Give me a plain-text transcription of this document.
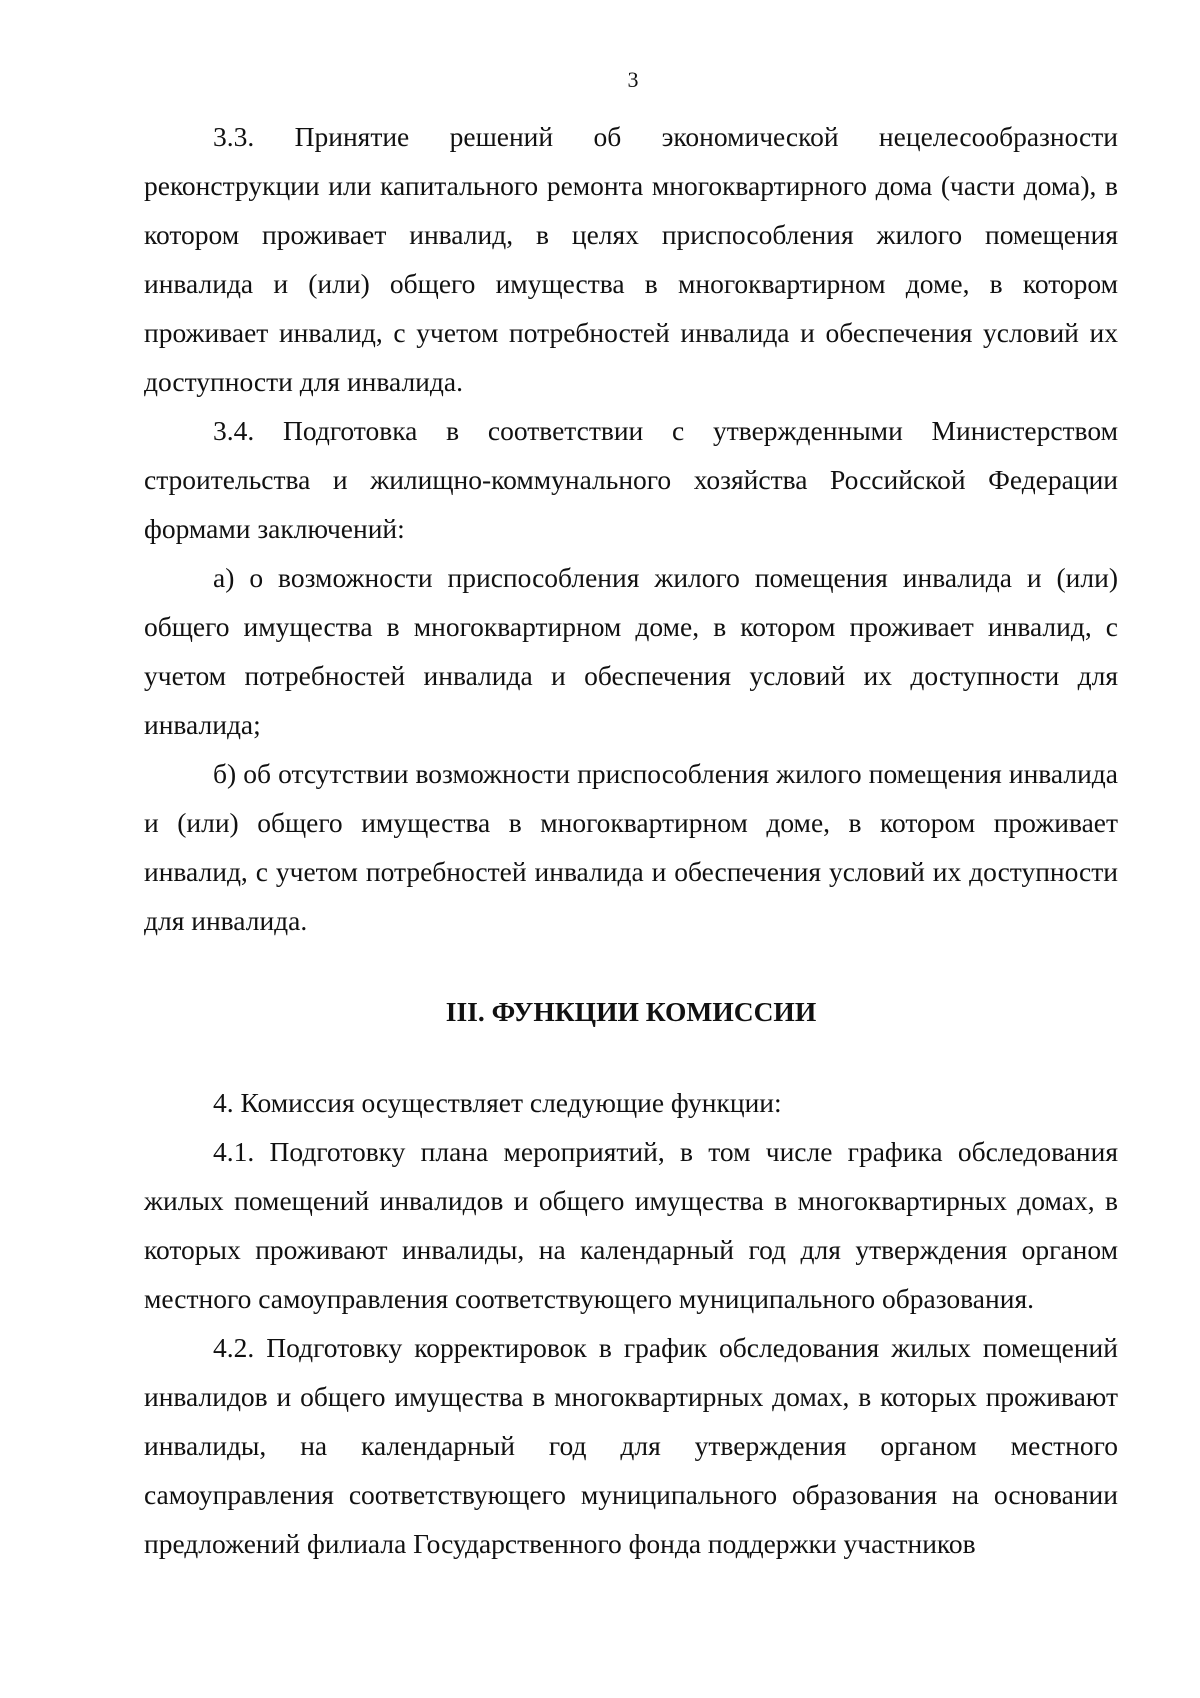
3

3.3. Принятие решений об экономической нецелесообразности реконструкции или капитального ремонта многоквартирного дома (части дома), в котором проживает инвалид, в целях приспособления жилого помещения инвалида и (или) общего имущества в многоквартирном доме, в котором проживает инвалид, с учетом потребностей инвалида и обеспечения условий их доступности для инвалида.

3.4. Подготовка в соответствии с утвержденными Министерством строительства и жилищно-коммунального хозяйства Российской Федерации формами заключений:

а) о возможности приспособления жилого помещения инвалида и (или) общего имущества в многоквартирном доме, в котором проживает инвалид, с учетом потребностей инвалида и обеспечения условий их доступности для инвалида;

б) об отсутствии возможности приспособления жилого помещения инвалида и (или) общего имущества в многоквартирном доме, в котором проживает инвалид, с учетом потребностей инвалида и обеспечения условий их доступности для инвалида.

III. ФУНКЦИИ КОМИССИИ

4. Комиссия осуществляет следующие функции:

4.1. Подготовку плана мероприятий, в том числе графика обследования жилых помещений инвалидов и общего имущества в многоквартирных домах, в которых проживают инвалиды, на календарный год для утверждения органом местного самоуправления соответствующего муниципального образования.

4.2. Подготовку корректировок в график обследования жилых помещений инвалидов и общего имущества в многоквартирных домах, в которых проживают инвалиды, на календарный год для утверждения органом местного самоуправления соответствующего муниципального образования на основании предложений филиала Государственного фонда поддержки участников
